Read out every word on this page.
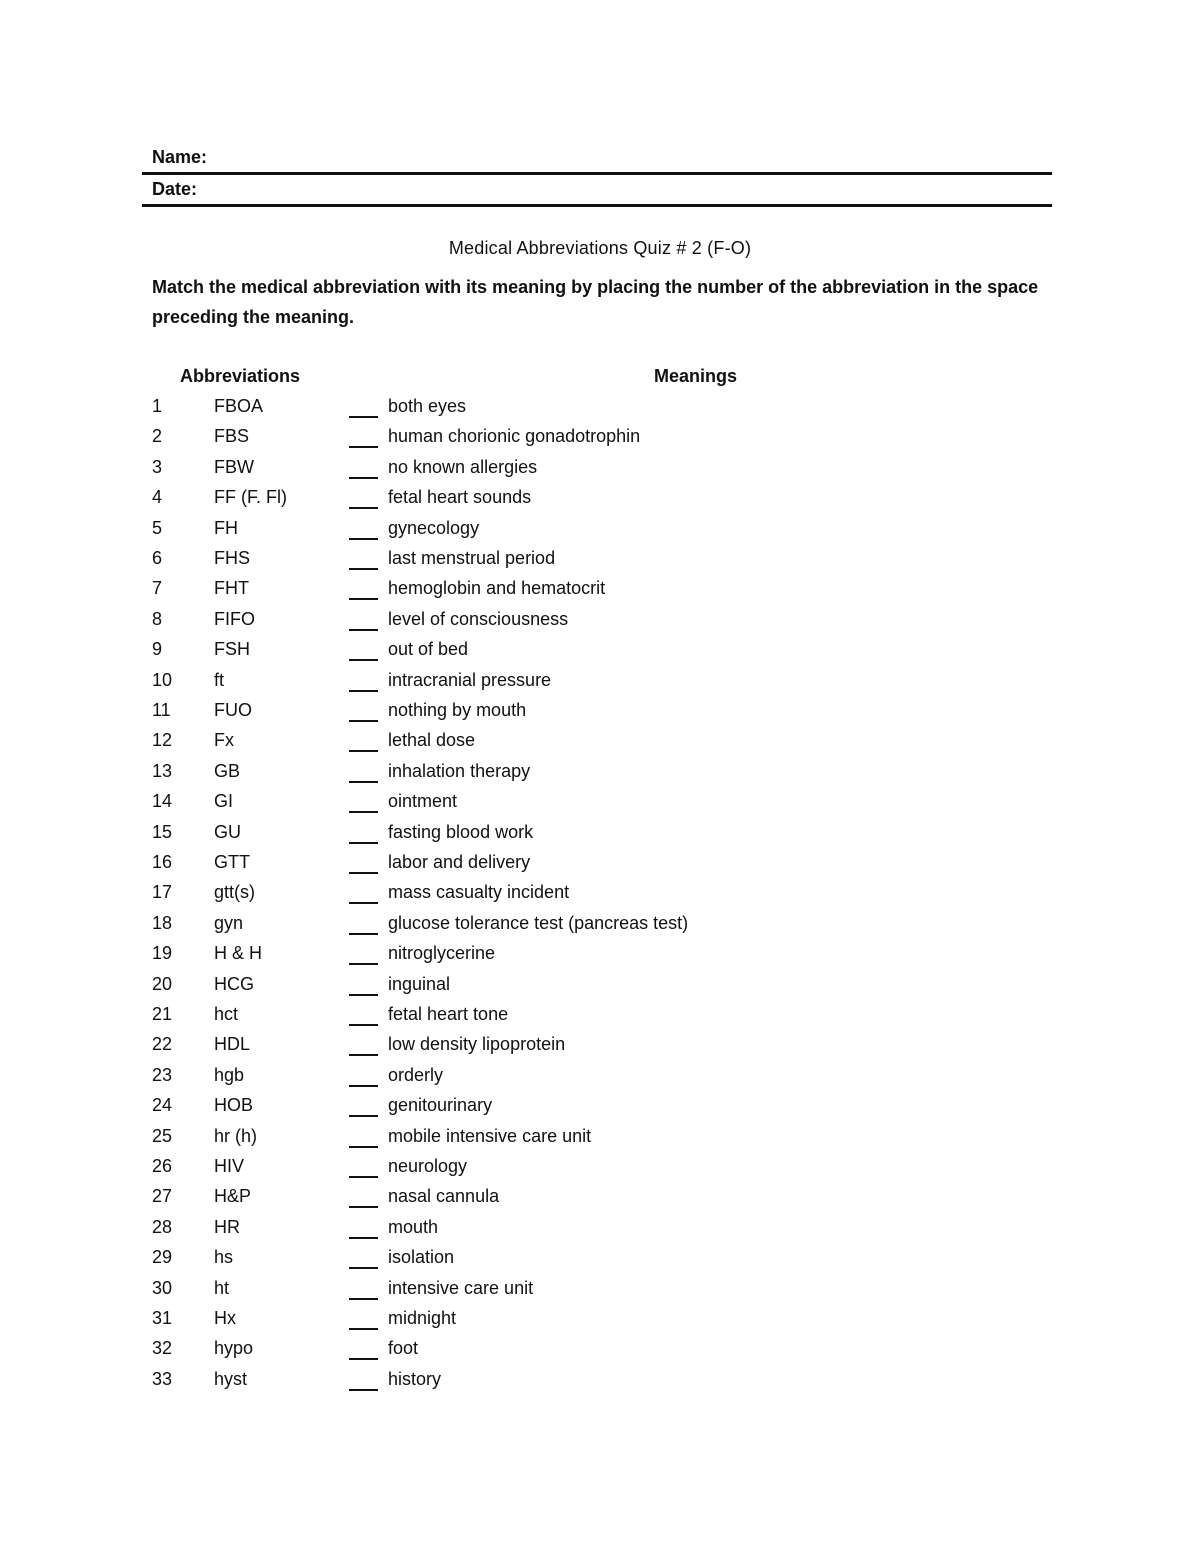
Name:
Date:
Medical Abbreviations Quiz # 2 (F-O)
Match the medical abbreviation with its meaning by placing the number of the abbreviation in the space preceding the meaning.
Abbreviations	Meanings
1	FBOA	both eyes
2	FBS	human chorionic gonadotrophin
3	FBW	no known allergies
4	FF (F. Fl)	fetal heart sounds
5	FH	gynecology
6	FHS	last menstrual period
7	FHT	hemoglobin and hematocrit
8	FIFO	level of consciousness
9	FSH	out of bed
10 ft	intracranial pressure
11 FUO	nothing by mouth
12 Fx	lethal dose
13 GB	inhalation therapy
14 GI	ointment
15 GU	fasting blood work
16 GTT	labor and delivery
17 gtt(s)	mass casualty incident
18 gyn	glucose tolerance test (pancreas test)
19 H & H	nitroglycerine
20 HCG	inguinal
21 hct	fetal heart tone
22 HDL	low density lipoprotein
23 hgb	orderly
24 HOB	genitourinary
25 hr (h)	mobile intensive care unit
26 HIV	neurology
27 H&P	nasal cannula
28 HR	mouth
29 hs	isolation
30 ht	intensive care unit
31 Hx	midnight
32 hypo	foot
33 hyst	history
